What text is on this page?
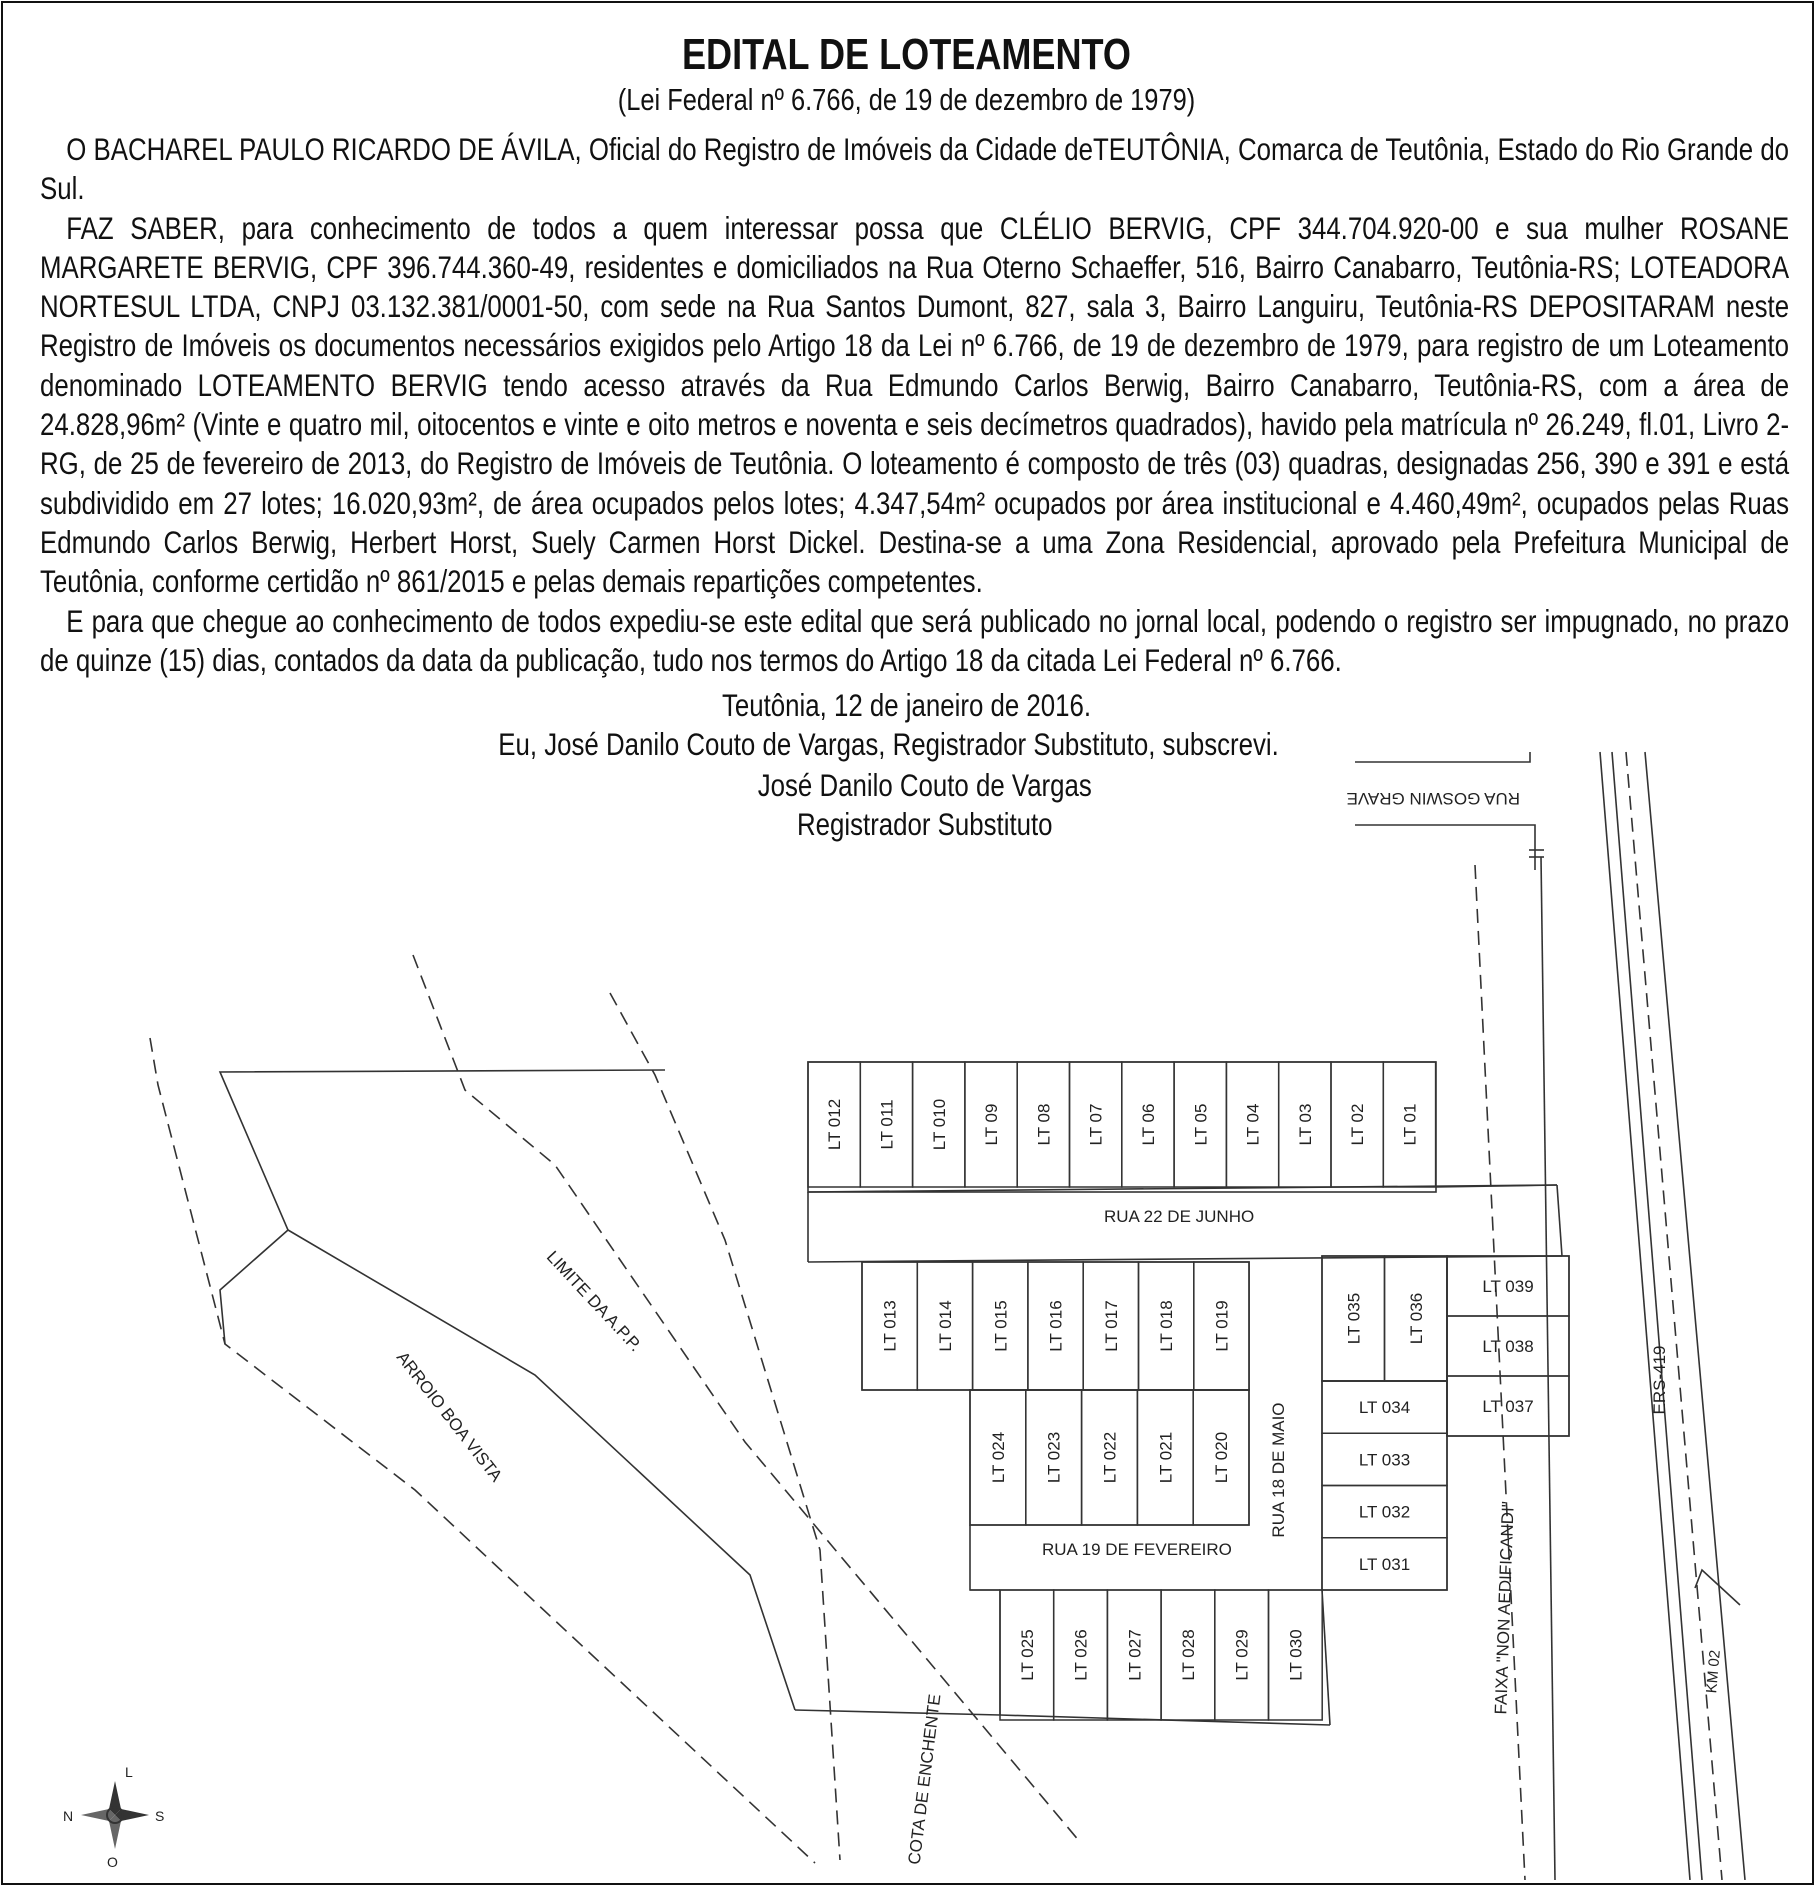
EDITAL DE LOTEAMENTO
(Lei Federal nº 6.766, de 19 de dezembro de 1979)

O BACHAREL PAULO RICARDO DE ÁVILA, Oficial do Registro de Imóveis da Cidade deTEUTÔNIA, Comarca de Teutônia, Estado do Rio Grande do Sul.

FAZ SABER, para conhecimento de todos a quem interessar possa que CLÉLIO BERVIG, CPF 344.704.920-00 e sua mulher ROSANE MARGARETE BERVIG, CPF 396.744.360-49, residentes e domiciliados na Rua Oterno Schaeffer, 516, Bairro Canabarro, Teutônia-RS; LOTEADORA NORTESUL LTDA, CNPJ 03.132.381/0001-50, com sede na Rua Santos Dumont, 827, sala 3, Bairro Languiru, Teutônia-RS DEPOSITARAM neste Registro de Imóveis os documentos necessários exigidos pelo Artigo 18 da Lei nº 6.766, de 19 de dezembro de 1979, para registro de um Loteamento denominado LOTEAMENTO BERVIG tendo acesso através da Rua Edmundo Carlos Berwig, Bairro Canabarro, Teutônia-RS, com a área de 24.828,96m² (Vinte e quatro mil, oitocentos e vinte e oito metros e noventa e seis decímetros quadrados), havido pela matrícula nº 26.249, fl.01, Livro 2-RG, de 25 de fevereiro de 2013, do Registro de Imóveis de Teutônia. O loteamento é composto de três (03) quadras, designadas 256, 390 e 391 e está subdividido em 27 lotes; 16.020,93m², de área ocupados pelos lotes; 4.347,54m² ocupados por área institucional e 4.460,49m², ocupados pelas Ruas Edmundo Carlos Berwig, Herbert Horst, Suely Carmen Horst Dickel. Destina-se a uma Zona Residencial, aprovado pela Prefeitura Municipal de Teutônia, conforme certidão nº 861/2015 e pelas demais repartições competentes.

E para que chegue ao conhecimento de todos expediu-se este edital que será publicado no jornal local, podendo o registro ser impugnado, no prazo de quinze (15) dias, contados da data da publicação, tudo nos termos do Artigo 18 da citada Lei Federal nº 6.766.

Teutônia, 12 de janeiro de 2016.
Eu, José Danilo Couto de Vargas, Registrador Substituto, subscrevi.
José Danilo Couto de Vargas
Registrador Substituto
LT 012 LT 011 LT 010 LT 09 LT 08 LT 07 LT 06 LT 05 LT 04 LT 03 LT 02 LT 01
LT 013 LT 014 LT 015 LT 016 LT 017 LT 018 LT 019
LT 024 LT 023 LT 022 LT 021 LT 020
LT 025 LT 026 LT 027 LT 028 LT 029 LT 030
LT 035	LT 036
LT 034
LT 033
LT 032
LT 031
LT 039
LT 038
LT 037
N
L
S
O
RUA GOSWIN GRAVE
RUA 22 DE JUNHO
RUA 18 DE MAIO
RUA 19 DE FEVEREIRO
ERS-419
LIMITE DA A.P.P.
ARROIO BOA VISTA
COTA DE ENCHENTE
FAIXA "NON AEDIFICANDI"	KM 02
